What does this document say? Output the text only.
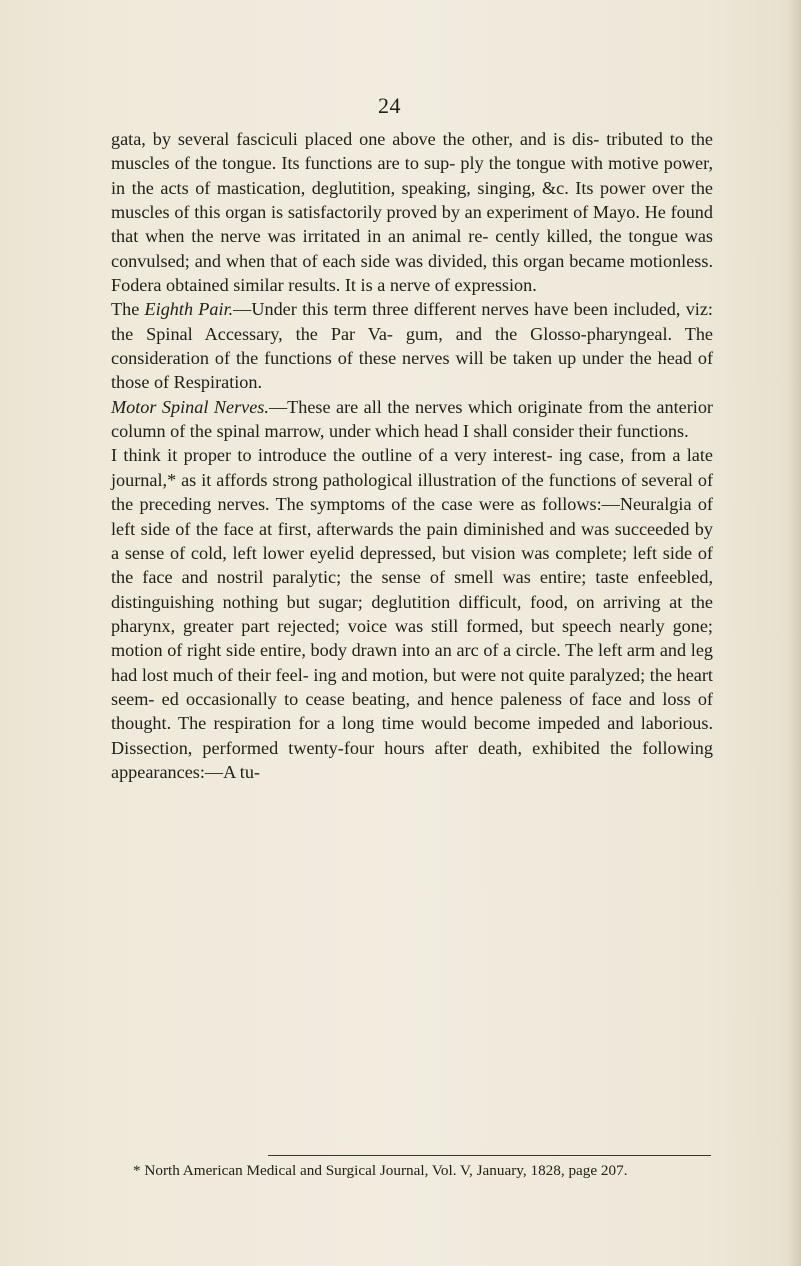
24

gata, by several fasciculi placed one above the other, and is dis- tributed to the muscles of the tongue. Its functions are to sup- ply the tongue with motive power, in the acts of mastication, deglutition, speaking, singing, &c. Its power over the muscles of this organ is satisfactorily proved by an experiment of Mayo. He found that when the nerve was irritated in an animal re- cently killed, the tongue was convulsed; and when that of each side was divided, this organ became motionless. Fodera obtained similar results. It is a nerve of expression.

The Eighth Pair.—Under this term three different nerves have been included, viz: the Spinal Accessary, the Par Va- gum, and the Glosso-pharyngeal. The consideration of the functions of these nerves will be taken up under the head of those of Respiration.

Motor Spinal Nerves.—These are all the nerves which originate from the anterior column of the spinal marrow, under which head I shall consider their functions.

I think it proper to introduce the outline of a very interest- ing case, from a late journal,* as it affords strong pathological illustration of the functions of several of the preceding nerves. The symptoms of the case were as follows:—Neuralgia of left side of the face at first, afterwards the pain diminished and was succeeded by a sense of cold, left lower eyelid depressed, but vision was complete; left side of the face and nostril paralytic; the sense of smell was entire; taste enfeebled, distinguishing nothing but sugar; deglutition difficult, food, on arriving at the pharynx, greater part rejected; voice was still formed, but speech nearly gone; motion of right side entire, body drawn into an arc of a circle. The left arm and leg had lost much of their feel- ing and motion, but were not quite paralyzed; the heart seem- ed occasionally to cease beating, and hence paleness of face and loss of thought. The respiration for a long time would become impeded and laborious. Dissection, performed twenty-four hours after death, exhibited the following appearances:—A tu-

* North American Medical and Surgical Journal, Vol. V, January, 1828, page 207.
